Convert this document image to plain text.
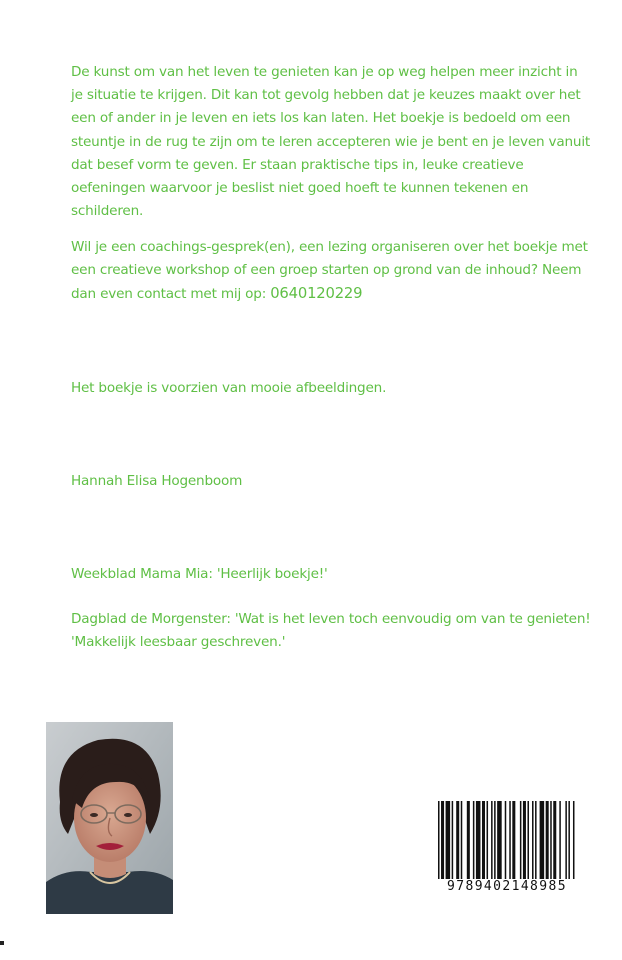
De kunst om van het leven te genieten kan je op weg helpen meer inzicht in je situatie te krijgen. Dit kan tot gevolg hebben dat je keuzes maakt over het een of ander in je leven en iets los kan laten. Het boekje is bedoeld om een steuntje in de rug te zijn om te leren accepteren wie je bent en je leven vanuit dat besef vorm te geven. Er staan praktische tips in, leuke creatieve oefeningen waarvoor je beslist niet goed hoeft te kunnen tekenen en schilderen.

Wil je een coachings-gesprek(en), een lezing organiseren over het boekje met een creatieve workshop of een groep starten op grond van de inhoud? Neem dan even contact met mij op: 0640120229

Het boekje is voorzien van mooie afbeeldingen.

Hannah Elisa Hogenboom

Weekblad Mama Mia: 'Heerlijk boekje!'

Dagblad de Morgenster: 'Wat is het leven toch eenvoudig om van te genieten! 'Makkelijk leesbaar geschreven.'

9789402148985
